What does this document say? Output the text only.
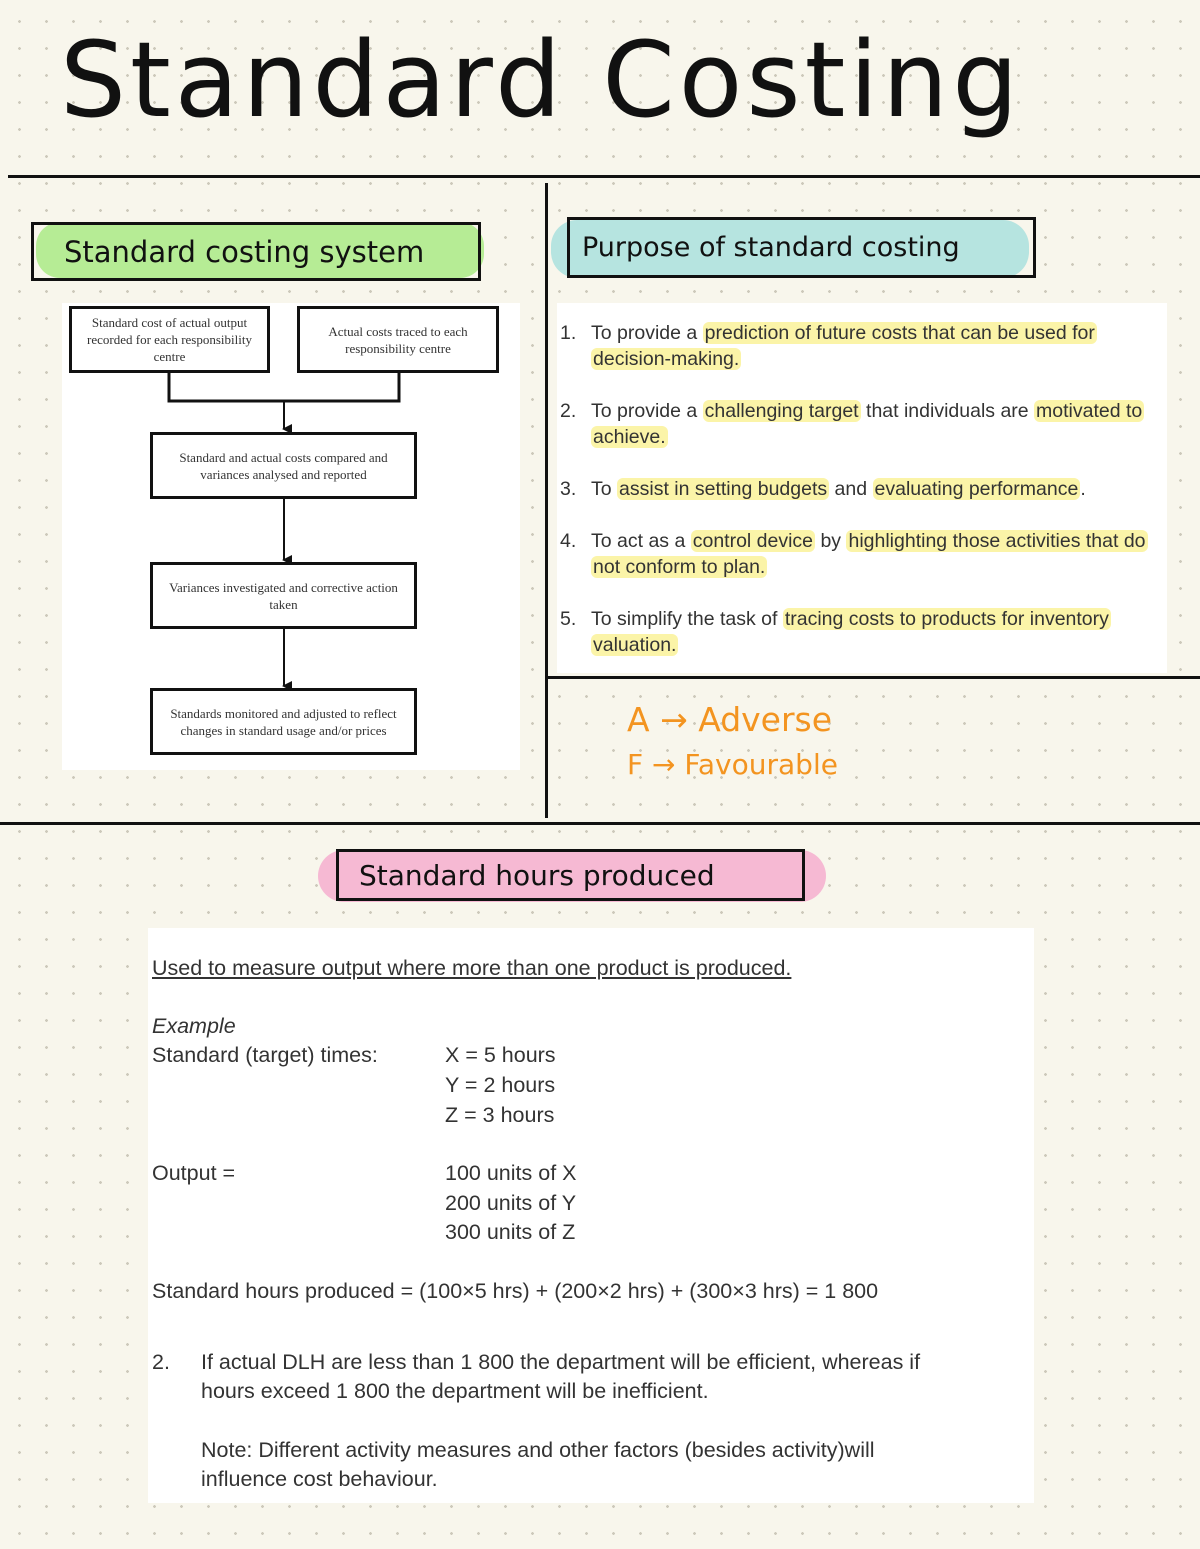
Standard Costing
Standard costing system
Standard cost of actual output recorded for each responsibility centre
Actual costs traced to each responsibility centre
Standard and actual costs compared and variances analysed and reported
Variances investigated and corrective action taken
Standards monitored and adjusted to reflect changes in standard usage and/or prices
Purpose of standard costing
1. To provide a prediction of future costs that can be used for decision-making.
2. To provide a challenging target that individuals are motivated to achieve.
3. To assist in setting budgets and evaluating performance .
4. To act as a control device by highlighting those activities that do not conform to plan.
5. To simplify the task of tracing costs to products for inventory valuation.
A → Adverse
F → Favourable
Standard hours produced
Used to measure output where more than one product is produced.
Example
Standard (target) times:	X = 5 hours
Y = 2 hours
Z = 3 hours
Output =	100 units of X
200 units of Y
300 units of Z
Standard hours produced = (100×5 hrs) + (200×2 hrs) + (300×3 hrs) = 1 800
2. If actual DLH are less than 1 800 the department will be efficient, whereas if
hours exceed 1 800 the department will be inefficient.
Note: Different activity measures and other factors (besides activity)will
influence cost behaviour.
